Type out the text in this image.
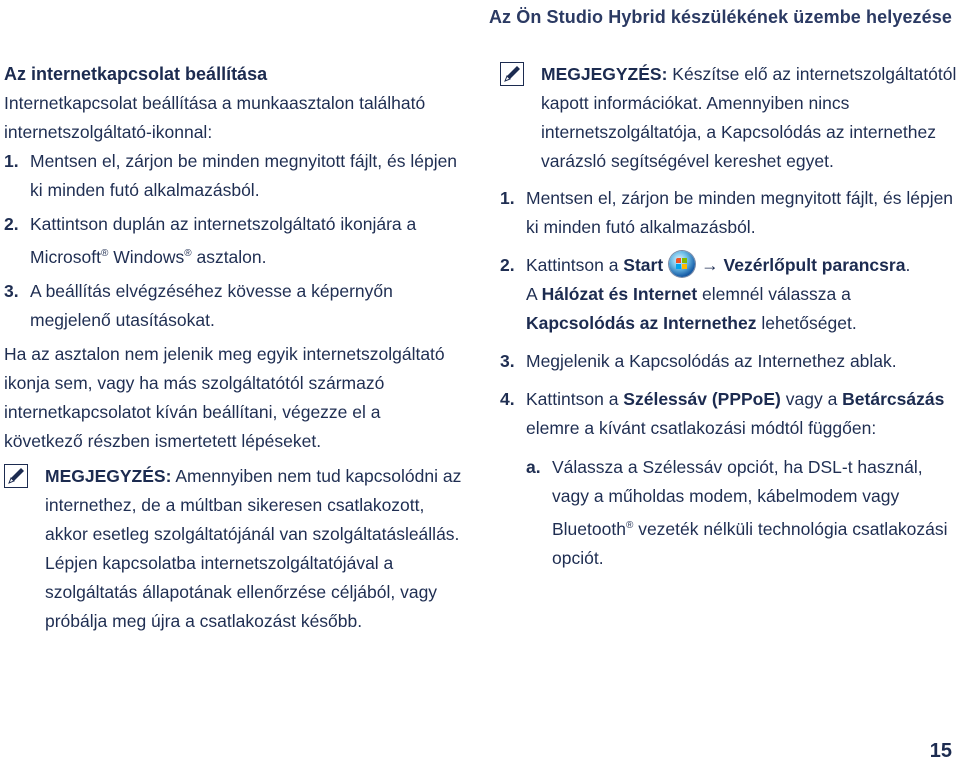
Az Ön Studio Hybrid készülékének üzembe helyezése
Az internetkapcsolat beállítása

Internetkapcsolat beállítása a munkaasztalon található internetszolgáltató-ikonnal:

1. Mentsen el, zárjon be minden megnyitott fájlt, és lépjen ki minden futó alkalmazásból.
2. Kattintson duplán az internetszolgáltató ikonjára a Microsoft® Windows® asztalon.
3. A beállítás elvégzéséhez kövesse a képernyőn megjelenő utasításokat.

Ha az asztalon nem jelenik meg egyik internetszolgáltató ikonja sem, vagy ha más szolgáltatótól származó internetkapcsolatot kíván beállítani, végezze el a következő részben ismertetett lépéseket.

MEGJEGYZÉS: Amennyiben nem tud kapcsolódni az internethez, de a múltban sikeresen csatlakozott, akkor esetleg szolgáltatójánál van szolgáltatásleállás. Lépjen kapcsolatba internetszolgáltatójával a szolgáltatás állapotának ellenőrzése céljából, vagy próbálja meg újra a csatlakozást később.
MEGJEGYZÉS: Készítse elő az internetszolgáltatótól kapott információkat. Amennyiben nincs internetszolgáltatója, a Kapcsolódás az internethez varázsló segítségével kereshet egyet.
1. Mentsen el, zárjon be minden megnyitott fájlt, és lépjen ki minden futó alkalmazásból.
2. Kattintson a Start → Vezérlőpult parancsra.
A Hálózat és Internet elemnél válassza a Kapcsolódás az Internethez lehetőséget.
3. Megjelenik a Kapcsolódás az Internethez ablak.
4. Kattintson a Szélessáv (PPPoE) vagy a Betárcsázás elemre a kívánt csatlakozási módtól függően:
a. Válassza a Szélessáv opciót, ha DSL-t használ, vagy a műholdas modem, kábelmodem vagy Bluetooth® vezeték nélküli technológia csatlakozási opciót.
15
